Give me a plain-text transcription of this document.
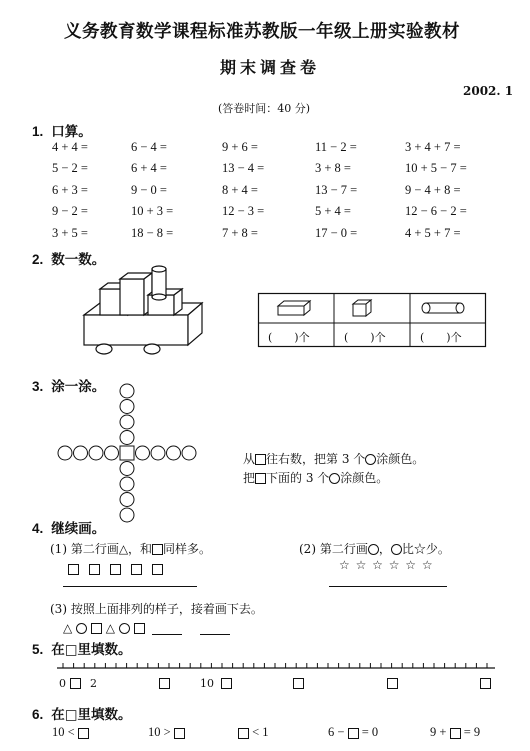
义务教育数学课程标准苏教版一年级上册实验教材
期末调查卷
2002. 1
(答卷时间：40 分)
1. 口算。
4 + 4 =	6 − 4 =	9 + 6 =	11 − 2 =	3 + 4 + 7 =
5 − 2 =	6 + 4 =	13 − 4 =	3 + 8 =	10 + 5 − 7 =
6 + 3 =	9 − 0 =	8 + 4 =	13 − 7 =	9 − 4 + 8 =
9 − 2 =	10 + 3 =	12 − 3 =	5 + 4 =	12 − 6 − 2 =
3 + 5 =	18 − 8 =	7 + 8 =	17 − 0 =	4 + 5 + 7 =
2. 数一数。
(　　)个	(　　)个	(　　)个
3. 涂一涂。
从 往右数，把第 3 个 涂颜色。
把 下面的 3 个 涂颜色。
4. 继续画。
(1) 第二行画△，和 同样多。	(2) 第二行画 ， 比☆少。
☆ ☆ ☆ ☆ ☆ ☆
(3) 按照上面排列的样子，接着画下去。
△	△
5. 在□里填数。
0 2	10
6. 在□里填数。
10 <	10 >	< 1	6 − = 0	9 + = 9
